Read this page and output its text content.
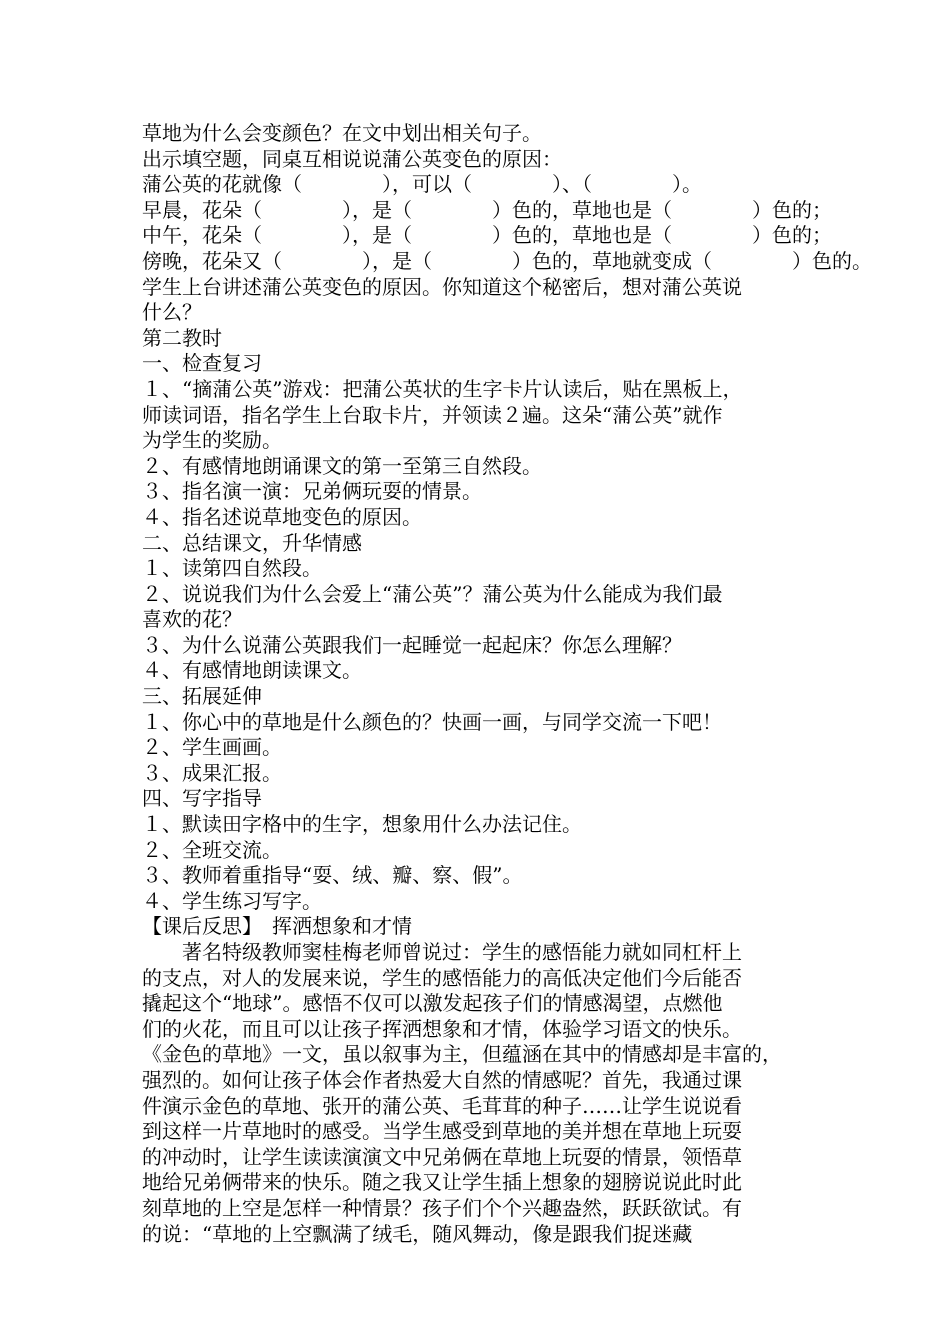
草地为什么会变颜色？在文中划出相关句子。
出示填空题，同桌互相说说蒲公英变色的原因：
蒲公英的花就像（　　　　），可以（　　　　）、（　　　　）。
早晨，花朵（　　　　），是（　　　　）色的，草地也是（　　　　）色的；
中午，花朵（　　　　），是（　　　　）色的，草地也是（　　　　）色的；
傍晚，花朵又（　　　　），是（　　　　）色的，草地就变成（　　　　）色的。
学生上台讲述蒲公英变色的原因。你知道这个秘密后，想对蒲公英说
什么？
第二教时
一、检查复习
１、“摘蒲公英”游戏：把蒲公英状的生字卡片认读后，贴在黑板上，
师读词语，指名学生上台取卡片，并领读２遍。这朵“蒲公英”就作
为学生的奖励。
２、有感情地朗诵课文的第一至第三自然段。
３、指名演一演：兄弟俩玩耍的情景。
４、指名述说草地变色的原因。
二、总结课文，升华情感
１、读第四自然段。
２、说说我们为什么会爱上“蒲公英”？蒲公英为什么能成为我们最
喜欢的花？
３、为什么说蒲公英跟我们一起睡觉一起起床？你怎么理解？
４、有感情地朗读课文。
三、拓展延伸
１、你心中的草地是什么颜色的？快画一画，与同学交流一下吧！
２、学生画画。
３、成果汇报。
四、写字指导
１、默读田字格中的生字，想象用什么办法记住。
２、全班交流。
３、教师着重指导“耍、绒、瓣、察、假”。
４、学生练习写字。
【课后反思】　挥洒想象和才情
著名特级教师窦桂梅老师曾说过：学生的感悟能力就如同杠杆上
的支点，对人的发展来说，学生的感悟能力的高低决定他们今后能否
撬起这个“地球”。感悟不仅可以激发起孩子们的情感渴望，点燃他
们的火花，而且可以让孩子挥洒想象和才情，体验学习语文的快乐。
《金色的草地》一文，虽以叙事为主，但蕴涵在其中的情感却是丰富的，
强烈的。如何让孩子体会作者热爱大自然的情感呢？首先，我通过课
件演示金色的草地、张开的蒲公英、毛茸茸的种子……让学生说说看
到这样一片草地时的感受。当学生感受到草地的美并想在草地上玩耍
的冲动时，让学生读读演演文中兄弟俩在草地上玩耍的情景，领悟草
地给兄弟俩带来的快乐。随之我又让学生插上想象的翅膀说说此时此
刻草地的上空是怎样一种情景？孩子们个个兴趣盎然，跃跃欲试。有
的说：“草地的上空飘满了绒毛，随风舞动，像是跟我们捉迷藏
